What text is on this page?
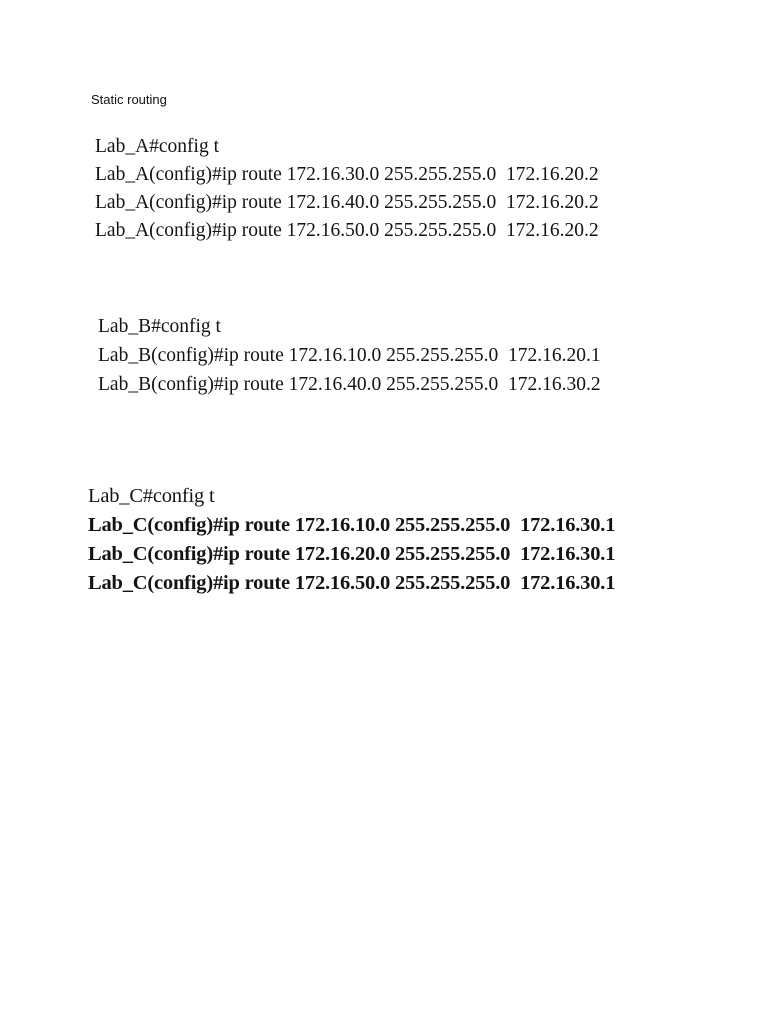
Static routing
Lab_A#config t
Lab_A(config)#ip route 172.16.30.0 255.255.255.0  172.16.20.2
Lab_A(config)#ip route 172.16.40.0 255.255.255.0  172.16.20.2
Lab_A(config)#ip route 172.16.50.0 255.255.255.0  172.16.20.2
Lab_B#config t
Lab_B(config)#ip route 172.16.10.0 255.255.255.0  172.16.20.1
Lab_B(config)#ip route 172.16.40.0 255.255.255.0  172.16.30.2
Lab_C#config t
Lab_C(config)#ip route 172.16.10.0 255.255.255.0  172.16.30.1
Lab_C(config)#ip route 172.16.20.0 255.255.255.0  172.16.30.1
Lab_C(config)#ip route 172.16.50.0 255.255.255.0  172.16.30.1
